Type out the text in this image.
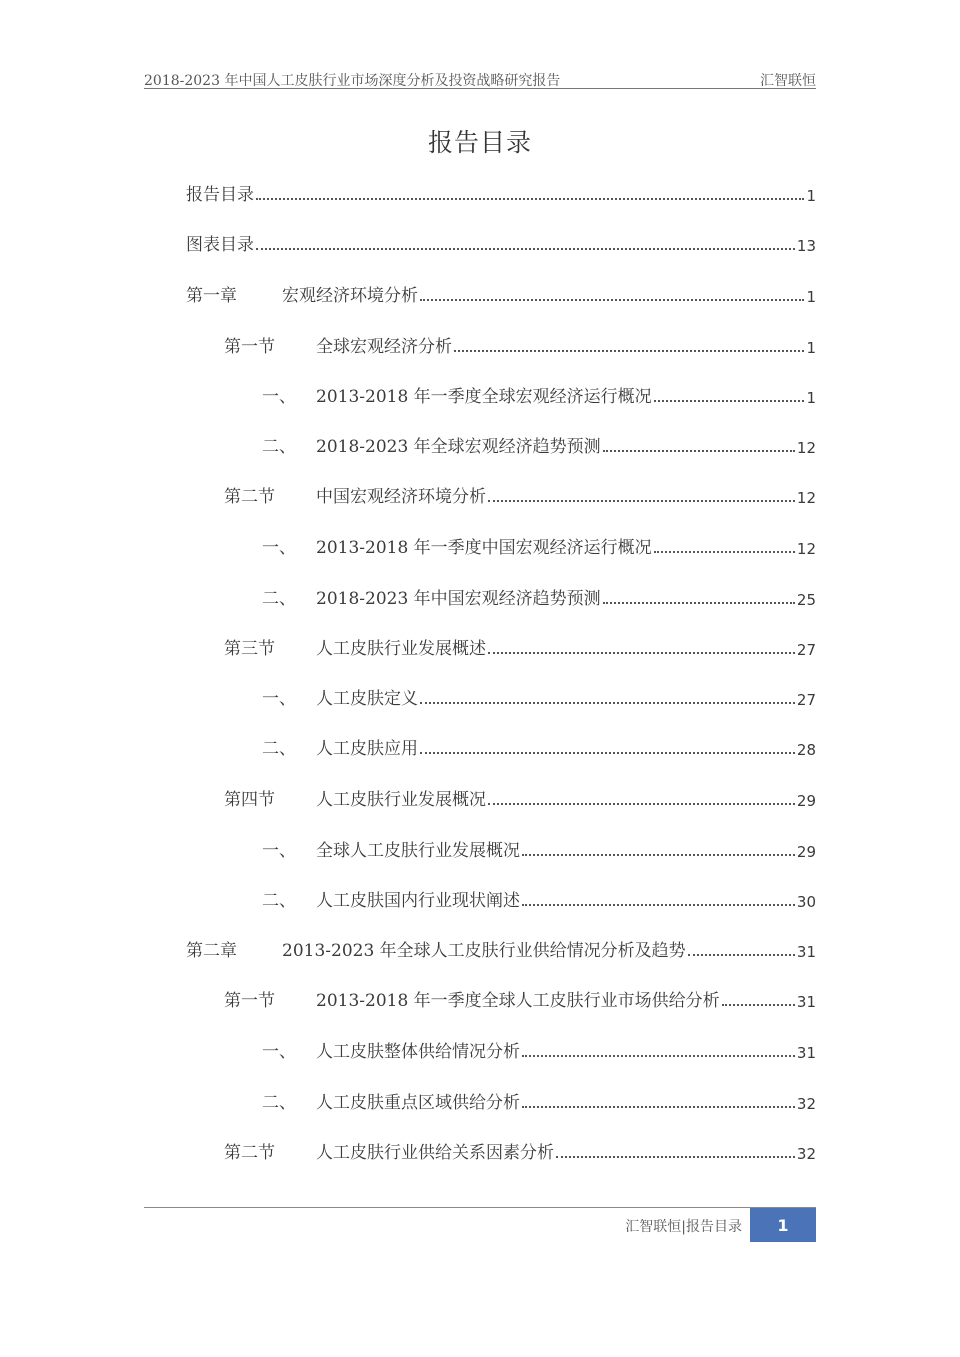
2018-2023 年中国人工皮肤行业市场深度分析及投资战略研究报告	汇智联恒
报告目录
报告目录	1
图表目录	13
第一章	宏观经济环境分析	1
第一节	全球宏观经济分析	1
一、	2013-2018 年一季度全球宏观经济运行概况	1
二、	2018-2023 年全球宏观经济趋势预测	12
第二节	中国宏观经济环境分析	12
一、	2013-2018 年一季度中国宏观经济运行概况	12
二、	2018-2023 年中国宏观经济趋势预测	25
第三节	人工皮肤行业发展概述	27
一、	人工皮肤定义	27
二、	人工皮肤应用	28
第四节	人工皮肤行业发展概况	29
一、	全球人工皮肤行业发展概况	29
二、	人工皮肤国内行业现状阐述	30
第二章	2013-2023 年全球人工皮肤行业供给情况分析及趋势	31
第一节	2013-2018 年一季度全球人工皮肤行业市场供给分析	31
一、	人工皮肤整体供给情况分析	31
二、	人工皮肤重点区域供给分析	32
第二节	人工皮肤行业供给关系因素分析	32
汇智联恒|报告目录	1
